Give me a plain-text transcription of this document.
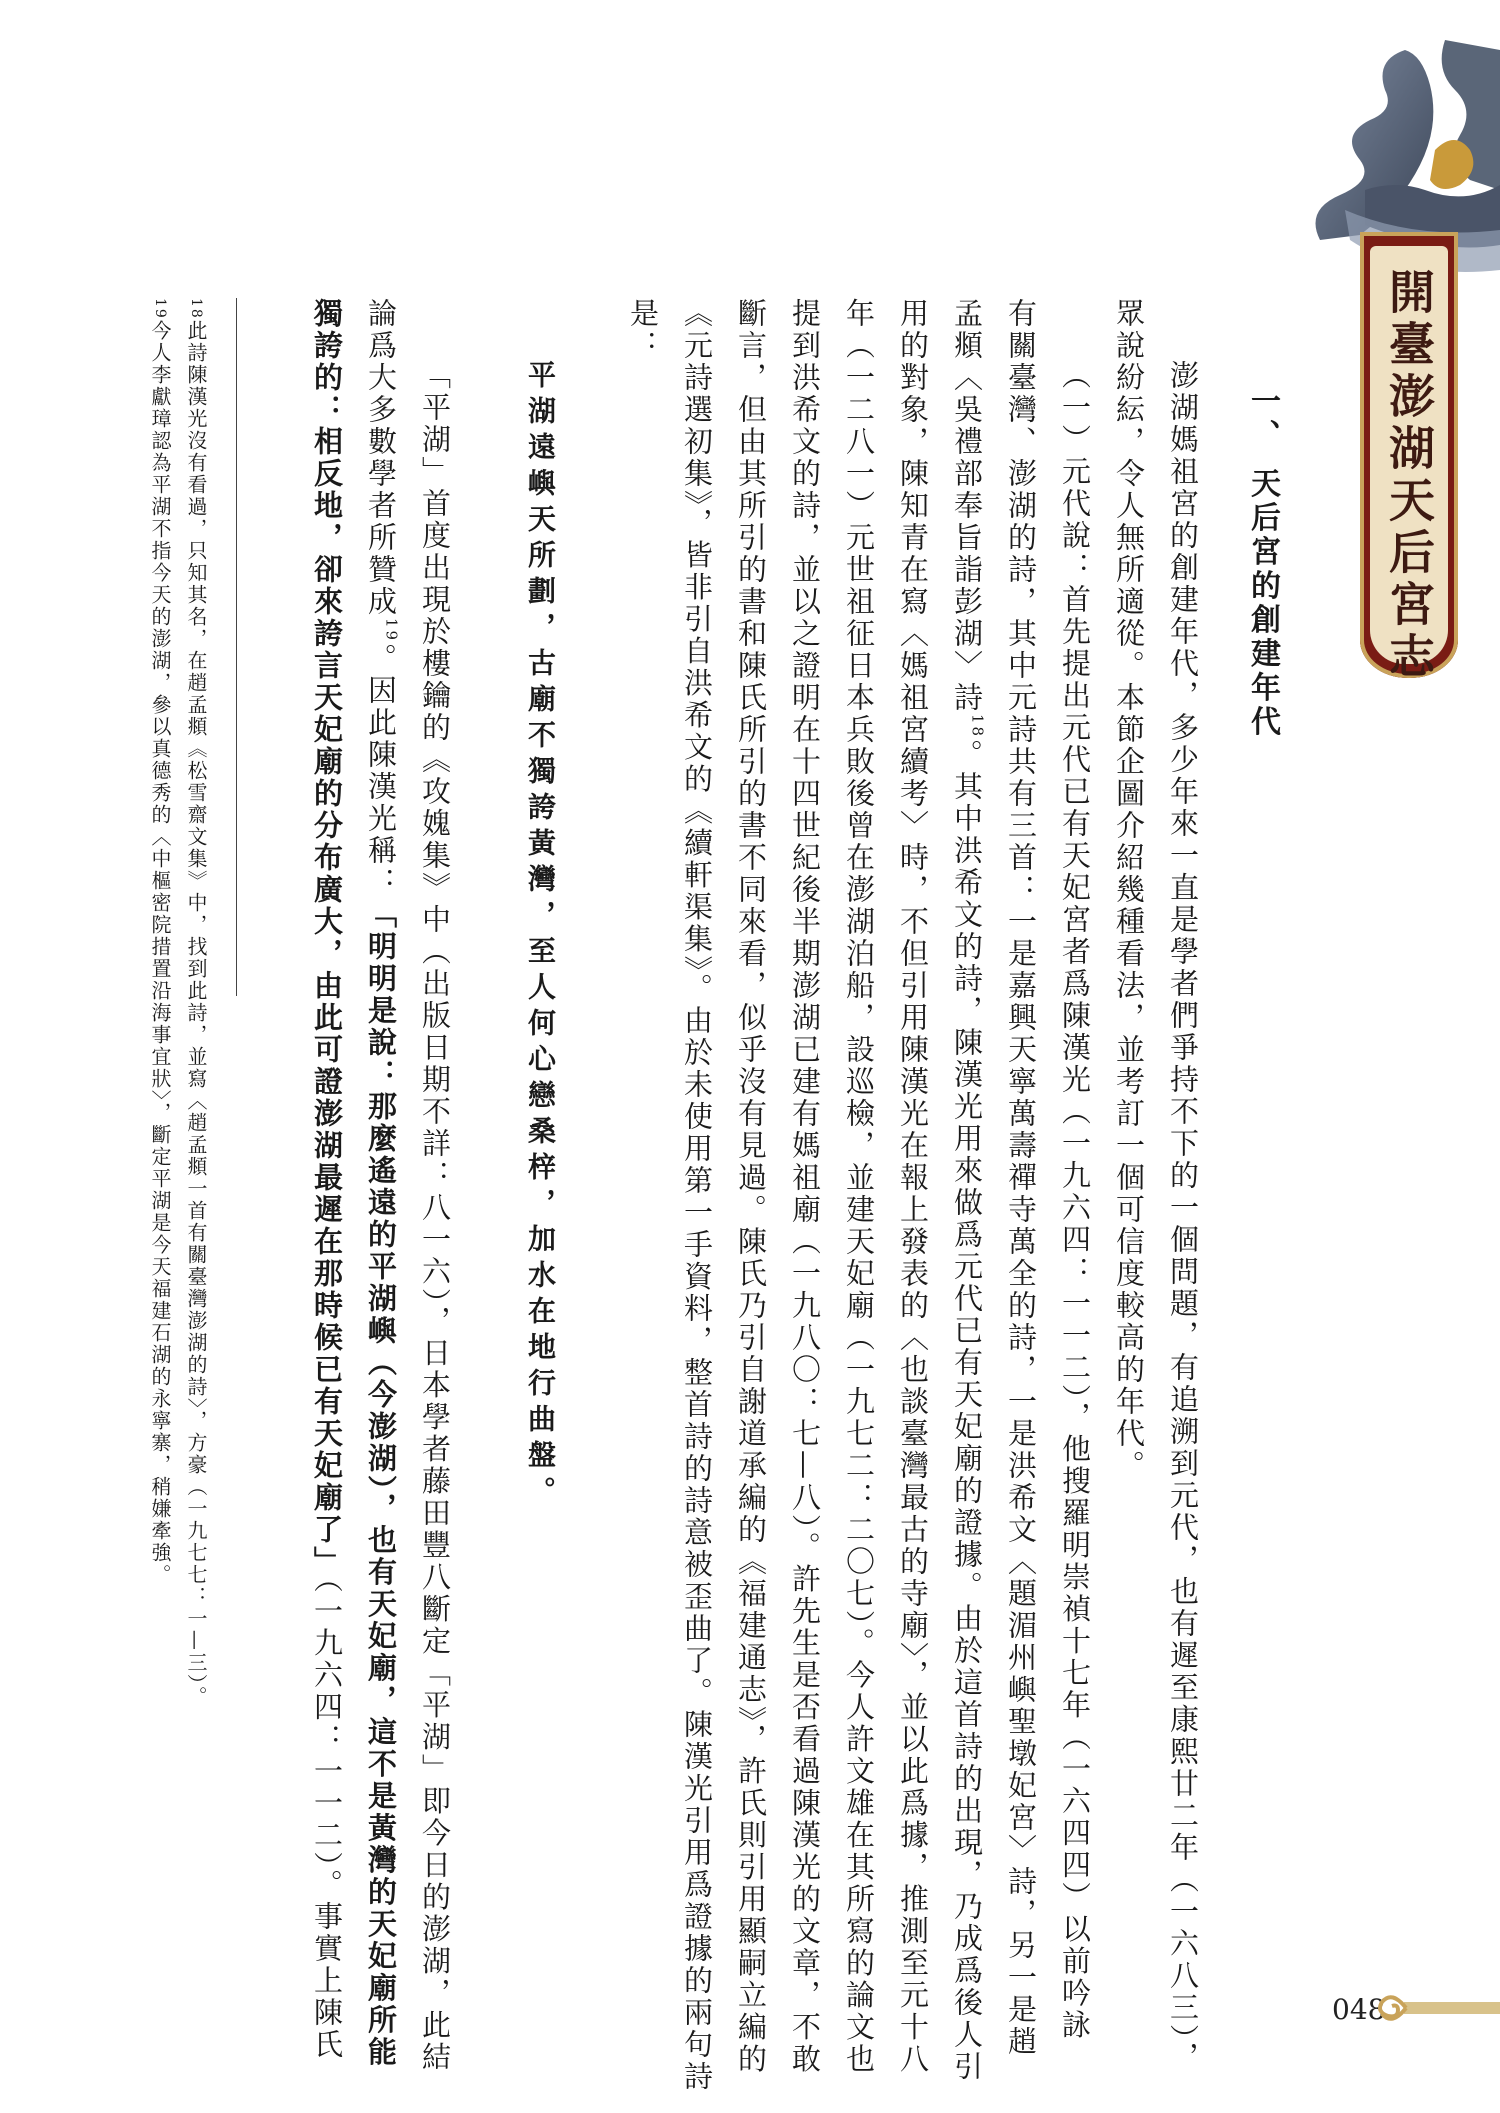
開臺澎湖天后宮志
一、 天后宮的創建年代
澎湖媽祖宮的創建年代，多少年來一直是學者們爭持不下的一個問題，有追溯到元代，也有遲至康熙廿二年（一六八三），
眾說紛紜，令人無所適從。本節企圖介紹幾種看法，並考訂一個可信度較高的年代。
（一）元代說：首先提出元代已有天妃宮者爲陳漢光（一九六四：一一二），他搜羅明崇禎十七年（一六四四）以前吟詠
有關臺灣、澎湖的詩，其中元詩共有三首：一是嘉興天寧萬壽禪寺萬全的詩，一是洪希文〈題湄州嶼聖墩妃宮〉詩，另一是趙
孟頫〈吳禮部奉旨詣彭湖〉詩$^{18}$。其中洪希文的詩，陳漢光用來做爲元代已有天妃廟的證據。由於這首詩的出現，乃成爲後人引
用的對象，陳知青在寫〈媽祖宮續考〉時，不但引用陳漢光在報上發表的〈也談臺灣最古的寺廟〉，並以此爲據，推測至元十八
年（一二八一）元世祖征日本兵敗後曾在澎湖泊船，設巡檢，並建天妃廟（一九七二：二〇七）。今人許文雄在其所寫的論文也
提到洪希文的詩，並以之證明在十四世紀後半期澎湖已建有媽祖廟（一九八〇：七—八）。許先生是否看過陳漢光的文章，不敢
斷言，但由其所引的書和陳氏所引的書不同來看，似乎沒有見過。陳氏乃引自謝道承編的《福建通志》，許氏則引用顯嗣立編的
《元詩選初集》，皆非引自洪希文的《續軒渠集》。由於未使用第一手資料，整首詩的詩意被歪曲了。陳漢光引用爲證據的兩句詩
是：
平湖遠嶼天所劃，古廟不獨誇黃灣，至人何心戀桑梓，加水在地行曲盤。
「平湖」首度出現於樓鑰的《攻媿集》中（出版日期不詳：八一六），日本學者藤田豐八斷定「平湖」即今日的澎湖，此結
論爲大多數學者所贊成$^{19}$。因此陳漢光稱：「明明是說：那麼遙遠的平湖嶼（今澎湖），也有天妃廟，這不是黃灣的天妃廟所能
獨誇的：相反地，卻來誇言天妃廟的分布廣大，由此可證澎湖最遲在那時候已有天妃廟了」（一九六四：一一二）。事實上陳氏
18此詩陳漢光沒有看過，只知其名，在趙孟頫《松雪齋文集》中，找到此詩，並寫〈趙孟頫一首有關臺灣澎湖的詩〉，方豪（一九七七：一—三）。
19今人李獻璋認為平湖不指今天的澎湖，參以真德秀的〈中樞密院措置沿海事宜狀〉，斷定平湖是今天福建石湖的永寧寨，稍嫌牽強。
048
